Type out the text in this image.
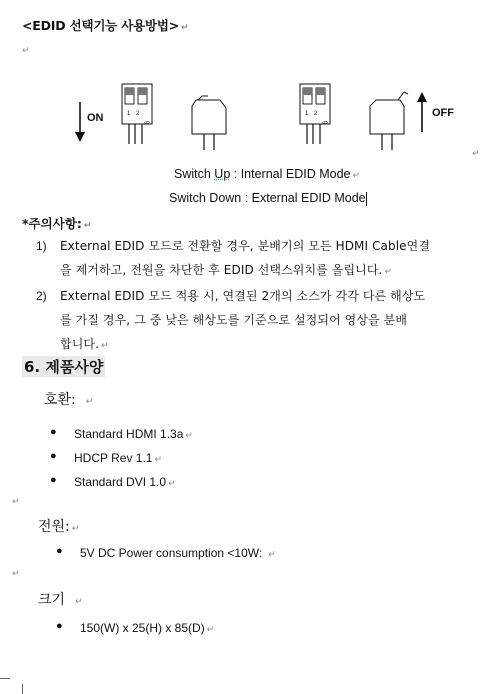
<EDID 선택기능 사용방법> ↵
↵
ON	1 2
g
1 2
g
OFF
↵
Switch Up : Internal EDID Mode ↵
Switch Down : External EDID Mode
*주의사항: ↵
1) External EDID 모드로 전환할 경우, 분배기의 모든 HDMI Cable연결
을 제거하고, 전원을 차단한 후 EDID 선택스위치를 올립니다. ↵
2) External EDID 모드 적용 시, 연결된 2개의 소스가 각각 다른 해상도
를 가질 경우, 그 중 낮은 해상도를 기준으로 설정되어 영상을 분배
합니다. ↵
6. 제품사양
호환: ↵
● Standard HDMI 1.3a ↵
● HDCP Rev 1.1 ↵
● Standard DVI 1.0 ↵
↵
전원: ↵
● 5V DC Power consumption <10W: ↵
↵
크기 ↵
● 150(W) x 25(H) x 85(D) ↵
